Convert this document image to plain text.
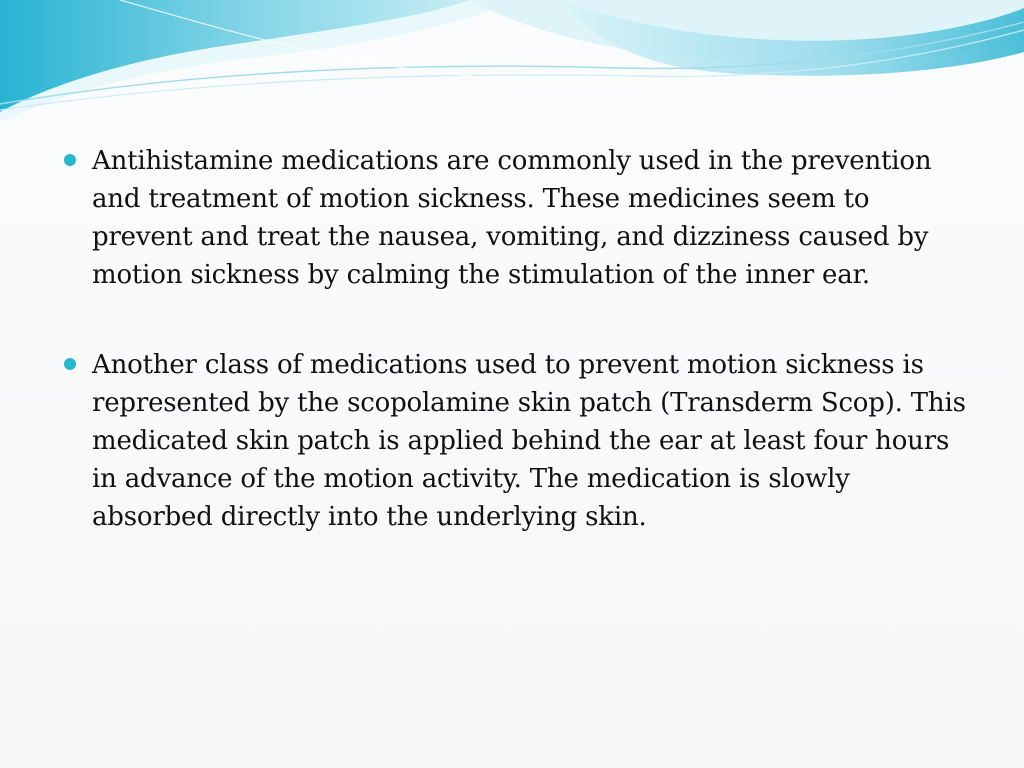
Antihistamine medications are commonly used in the prevention and treatment of motion sickness. These medicines seem to prevent and treat the nausea, vomiting, and dizziness caused by motion sickness by calming the stimulation of the inner ear.
Another class of medications used to prevent motion sickness is represented by the scopolamine skin patch (Transderm Scop). This medicated skin patch is applied behind the ear at least four hours in advance of the motion activity. The medication is slowly absorbed directly into the underlying skin.
